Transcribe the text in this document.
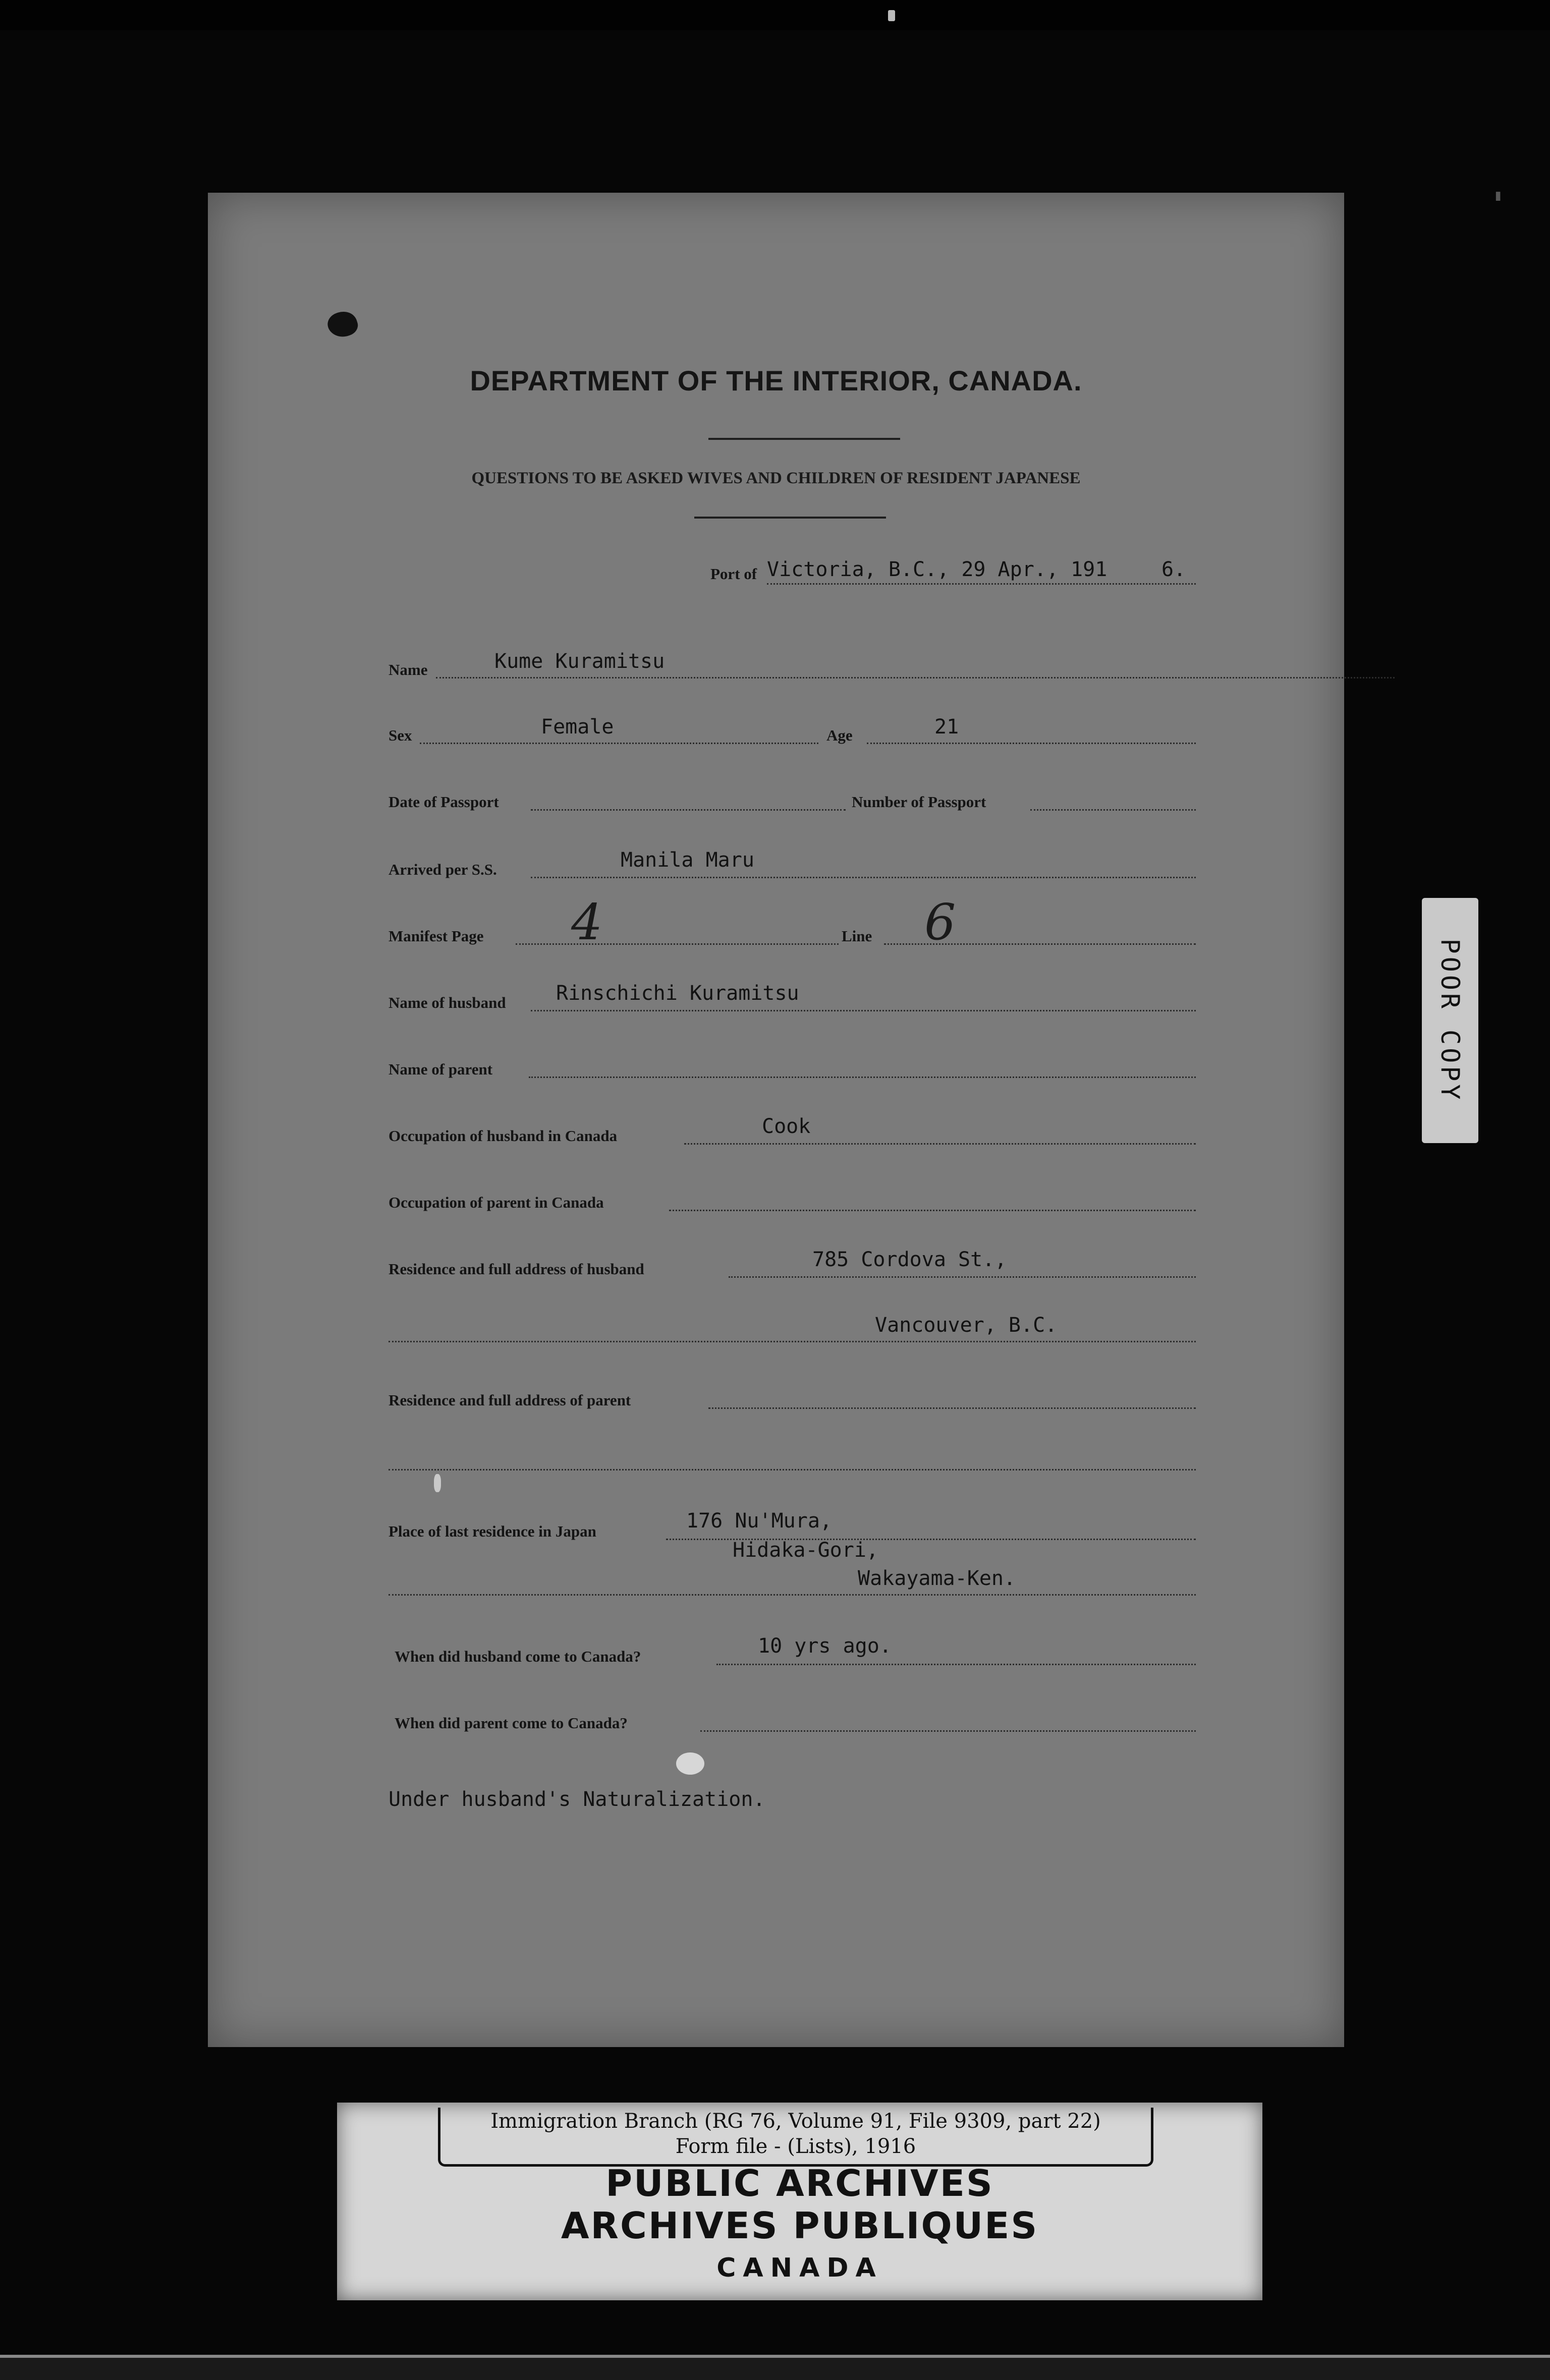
DEPARTMENT OF THE INTERIOR, CANADA.
QUESTIONS TO BE ASKED WIVES AND CHILDREN OF RESIDENT JAPANESE
Port of Victoria, B.C., 29 Apr., 191	6.
Name	Kume Kuramitsu
Sex	Female	Age	21
Date of Passport	Number of Passport
Arrived per S.S.	Manila Maru
Manifest Page 4	Line 6
Name of husband Rinschichi Kuramitsu
Name of parent
Occupation of husband in Canada	Cook
Occupation of parent in Canada
Residence and full address of husband	785 Cordova St.,
Vancouver, B.C.
Residence and full address of parent
Place of last residence in Japan	176 Nu'Mura,
Hidaka-Gori,
Wakayama-Ken.
When did husband come to Canada?	10 yrs ago.
When did parent come to Canada?
Under husband's Naturalization.
▮
POOR COPY
Immigration Branch (RG 76, Volume 91, File 9309, part 22)
Form file - (Lists), 1916
PUBLIC ARCHIVES
ARCHIVES PUBLIQUES
CANADA
